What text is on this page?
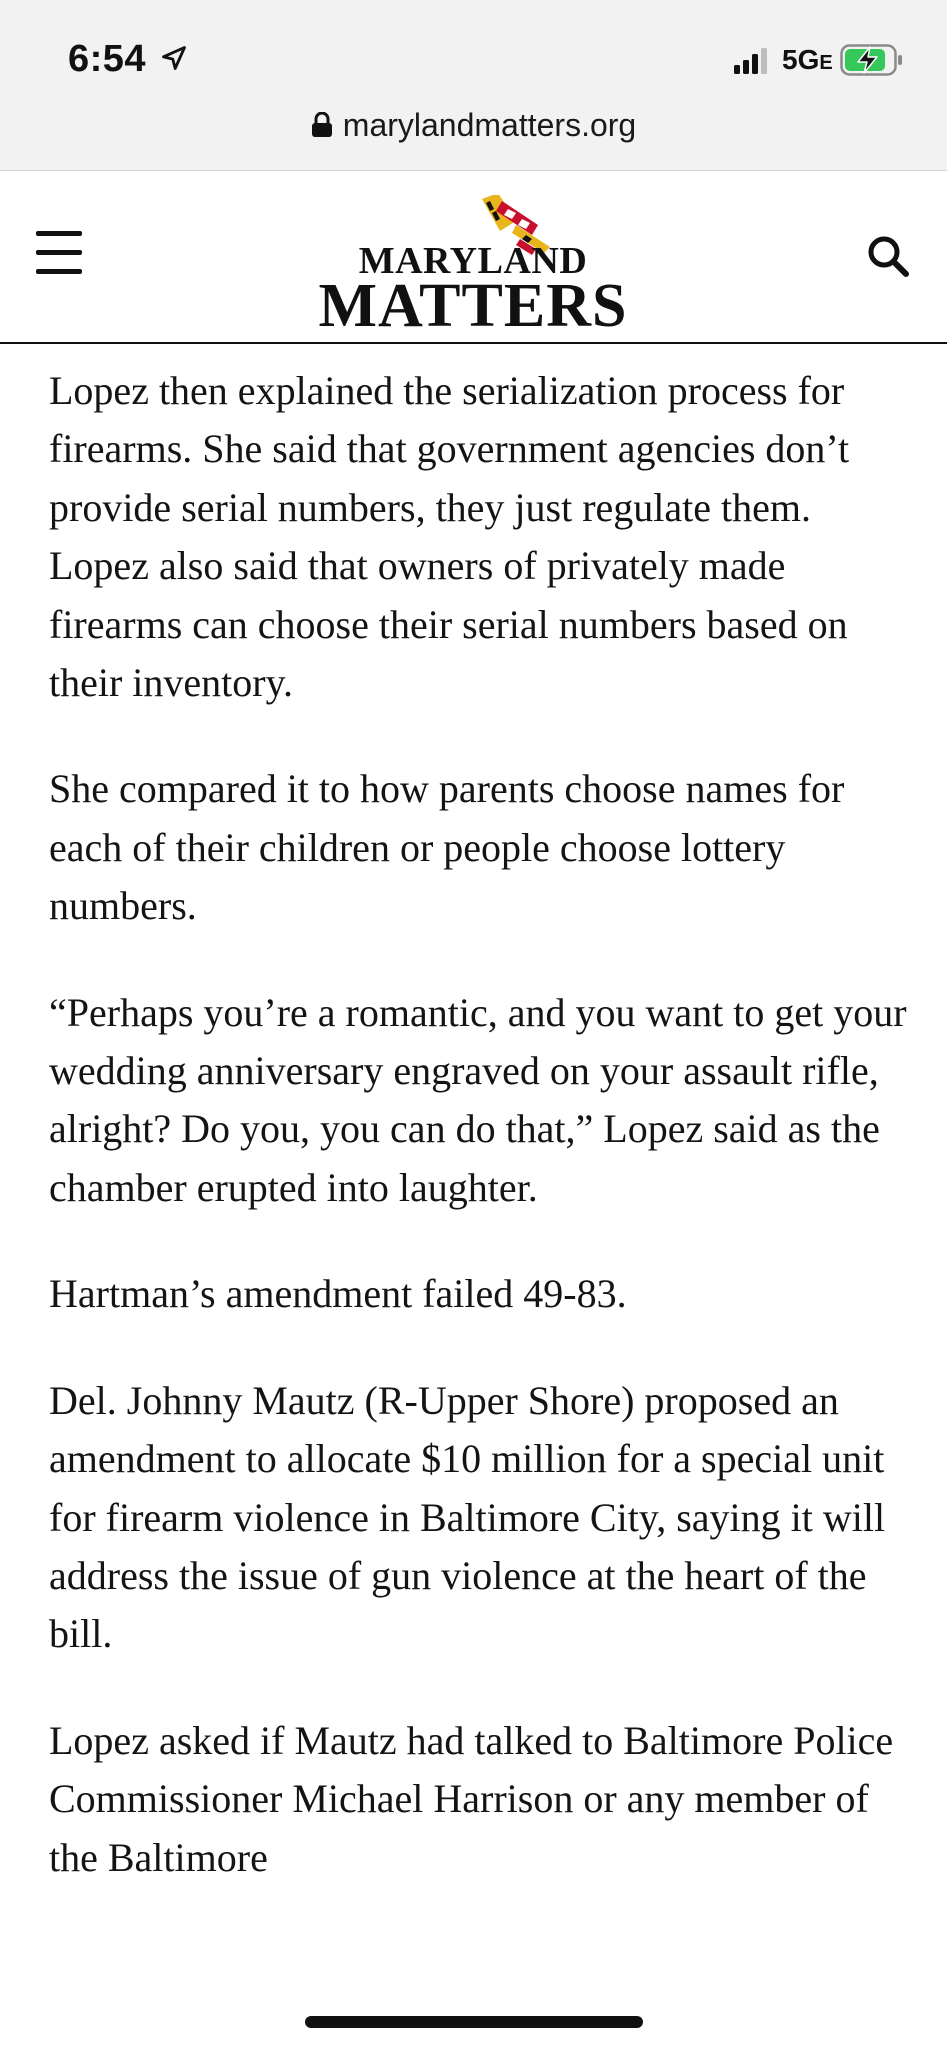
6:54	5GE
marylandmatters.org
MARYLAND
MATTERS

Lopez then explained the serialization process for firearms. She said that government agencies don’t provide serial numbers, they just regulate them. Lopez also said that owners of privately made firearms can choose their serial numbers based on their inventory.

She compared it to how parents choose names for each of their children or people choose lottery numbers.

“Perhaps you’re a romantic, and you want to get your wedding anniversary engraved on your assault rifle, alright? Do you, you can do that,” Lopez said as the chamber erupted into laughter.

Hartman’s amendment failed 49-83.

Del. Johnny Mautz (R-Upper Shore) proposed an amendment to allocate $10 million for a special unit for firearm violence in Baltimore City, saying it will address the issue of gun violence at the heart of the bill.

Lopez asked if Mautz had talked to Baltimore Police Commissioner Michael Harrison or any member of the Baltimore
